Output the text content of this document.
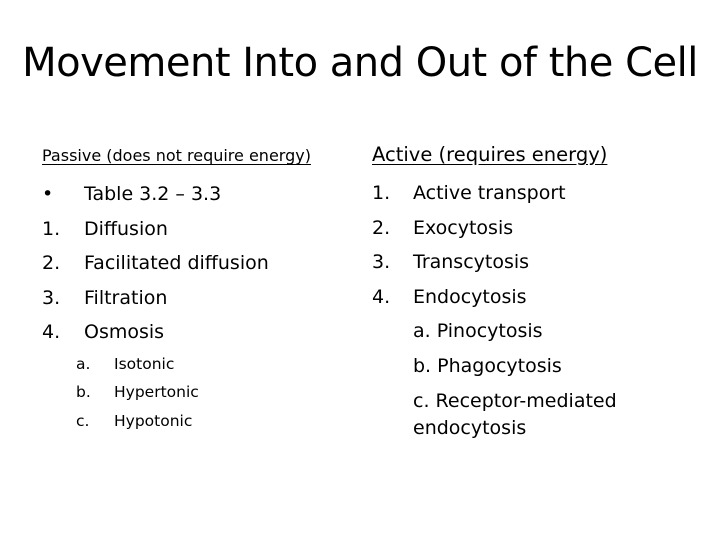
Movement Into and Out of the Cell
Passive (does not require energy)
•	Table 3.2 – 3.3
1.	Diffusion
2.	Facilitated diffusion
3.	Filtration
4.	Osmosis
a.	Isotonic
b.	Hypertonic
c.	Hypotonic
Active (requires energy)
1.	Active transport
2.	Exocytosis
3.	Transcytosis
4.	Endocytosis
a. Pinocytosis
b. Phagocytosis
c. Receptor-mediated endocytosis
